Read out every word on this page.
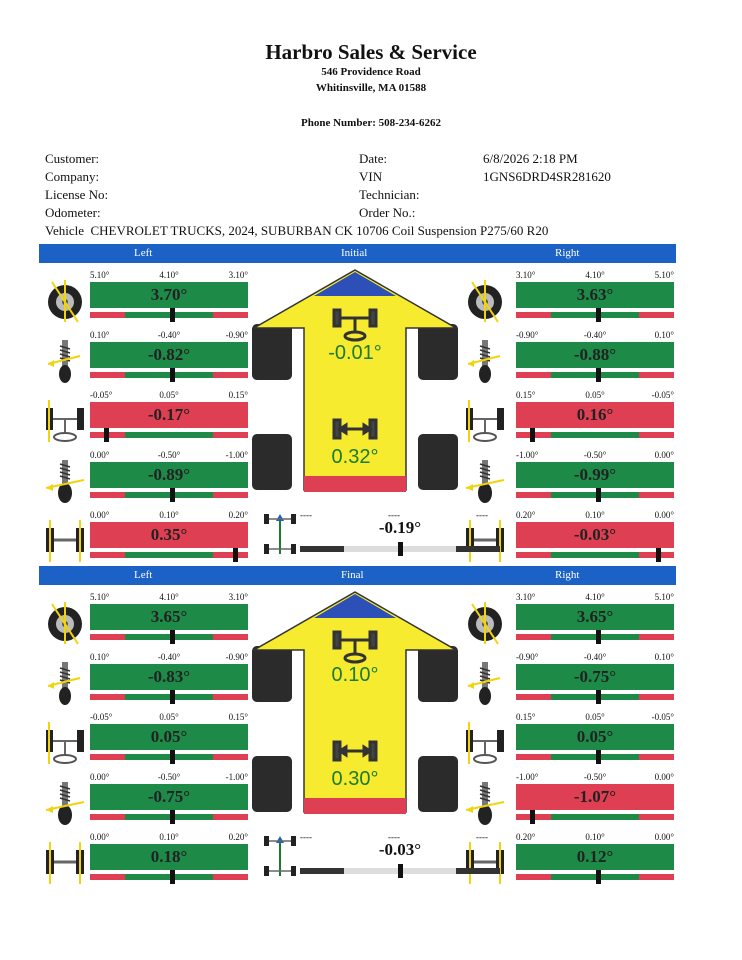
Harbro Sales & Service
546 Providence Road
Whitinsville, MA 01588
Phone Number: 508-234-6262
Customer:
Company:
License No:
Odometer:
Date:	6/8/2026 2:18 PM
VIN	1GNS6DRD4SR281620
Technician:
Order No.:
Vehicle CHEVROLET TRUCKS, 2024, SUBURBAN CK 10706 Coil Suspension P275/60 R20
Left	Initial	Right
5.10°	4.10°	3.10°
3.70°
0.10°	-0.40°	-0.90°
-0.82°
-0.05°	0.05°	0.15°
-0.17°
0.00°	-0.50°	-1.00°
-0.89°
0.00°	0.10°	0.20°
0.35°
3.10°	4.10°	5.10°
3.63°
-0.90°	-0.40°	0.10°
-0.88°
0.15°	0.05°	-0.05°
0.16°
-1.00°	-0.50°	0.00°
-0.99°
0.20°	0.10°	0.00°
-0.03°
-0.01°
0.32°
----	----	----
-0.19°
Left	Final	Right
5.10°	4.10°	3.10°
3.65°
0.10°	-0.40°	-0.90°
-0.83°
-0.05°	0.05°	0.15°
0.05°
0.00°	-0.50°	-1.00°
-0.75°
0.00°	0.10°	0.20°
0.18°
3.10°	4.10°	5.10°
3.65°
-0.90°	-0.40°	0.10°
-0.75°
0.15°	0.05°	-0.05°
0.05°
-1.00°	-0.50°	0.00°
-1.07°
0.20°	0.10°	0.00°
0.12°
0.10°
0.30°
----	----	----
-0.03°
